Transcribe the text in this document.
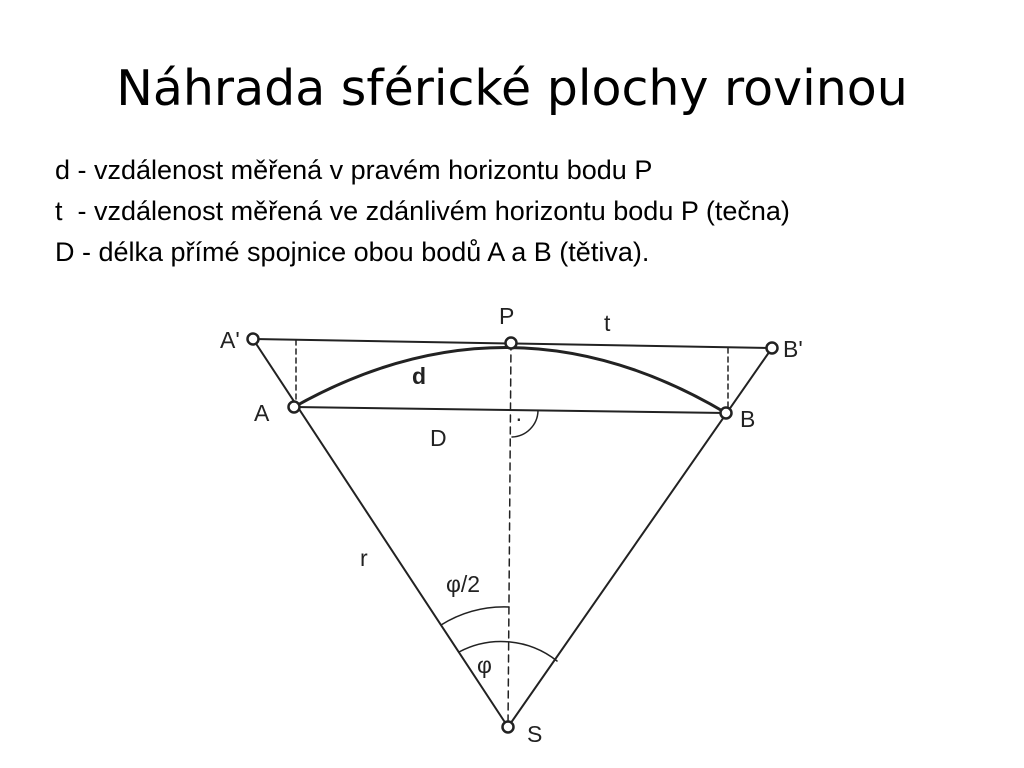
Náhrada sférické plochy rovinou
d - vzdálenost měřená v pravém horizontu bodu P
t  - vzdálenost měřená ve zdánlivém horizontu bodu P (tečna)
D - délka přímé spojnice obou bodů A a B (tětiva).
A'
P	t
B'
A
d
B
D
·
r
φ/2
φ
S
